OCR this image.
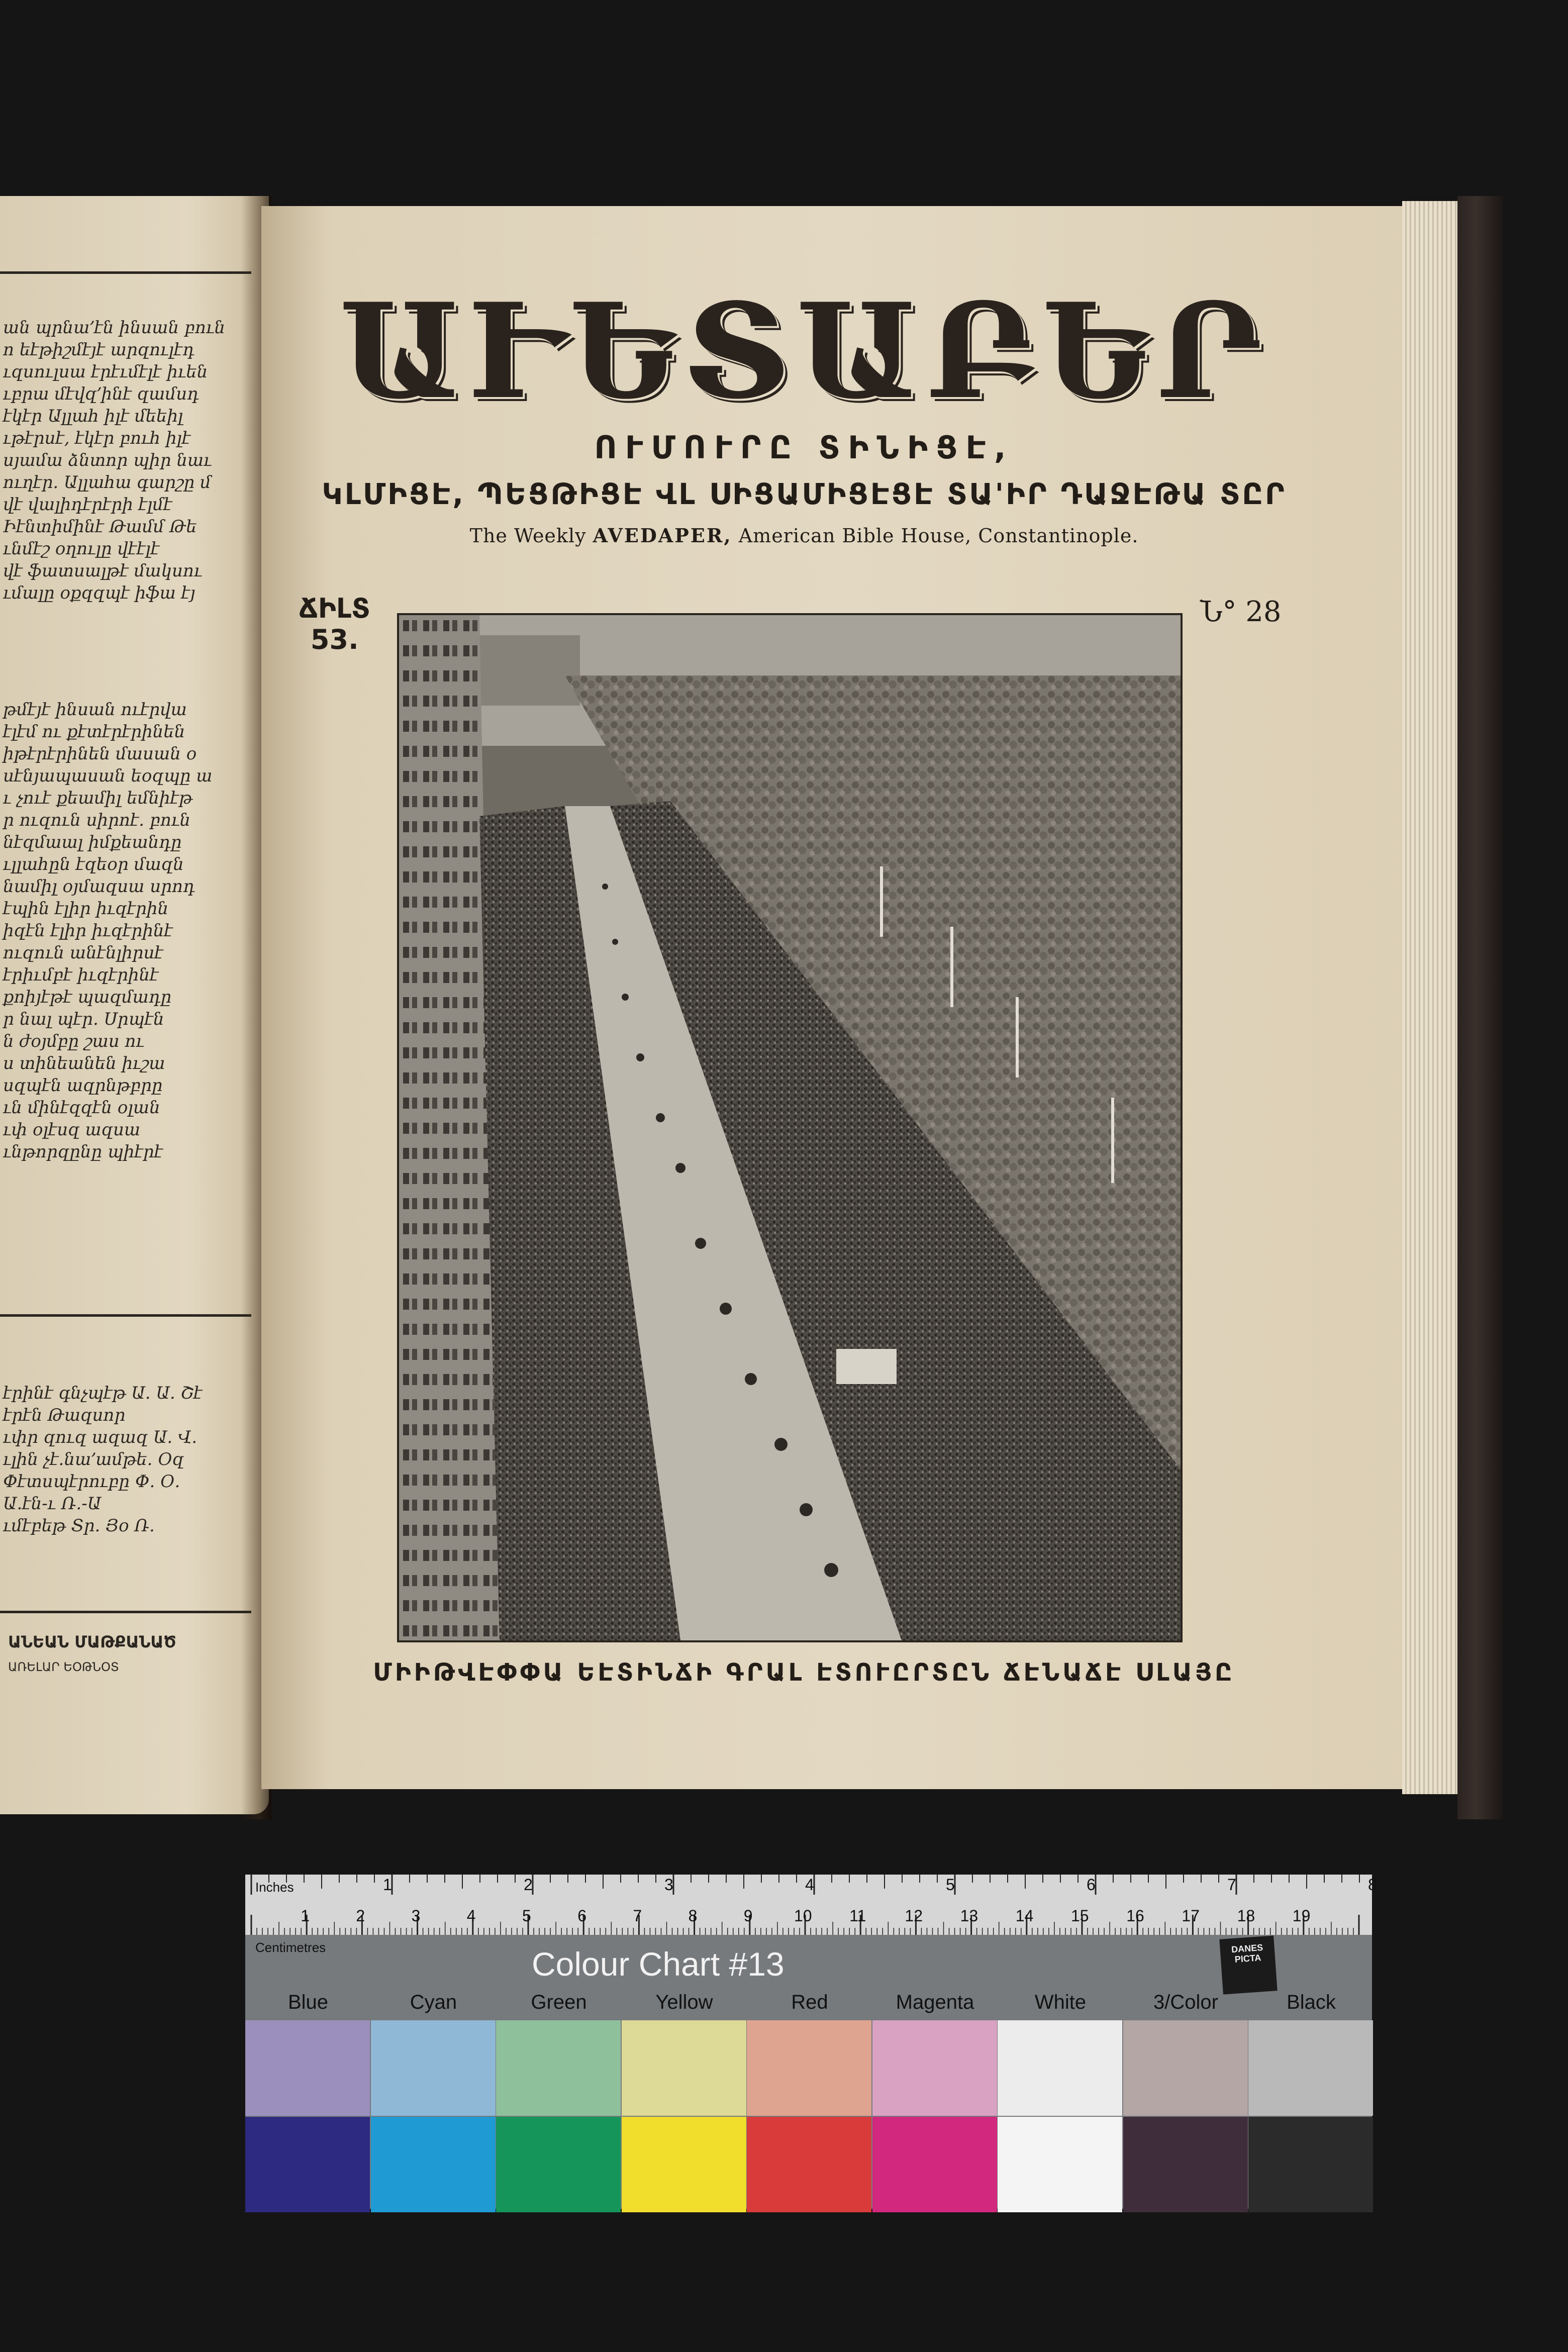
ան պրնա՚էն ինսան բուն
ո եէթիշմէյէ արզուլէդ
ւզսուլսա էրէւմէլէ իւեն
ւբրա մէվզ՚ինէ զամսդ
էկէր Ալլահ իլէ մեեիլ
ւթէրսէ, էկէր բուհ իլէ
սյամա ձնտոր պիր նաւ
ուղէր. Ալլահա գարշը մ
վէ վալիդէրէրի էլմէ
Իէնտիմինէ Թամմ Թե
ւնմէշ օղուլը վէէլէ
վէ ֆատսալթէ մակսու
ւմալը օքզզպէ իֆա էյ
թմէյէ ինսան ուէրվա
էլէմ ու քէտէրէրինեն
իթէրէրինեն մասան օ
սէնյապասան եօզպը ա
ւ չուէ քեամիլ եմնիէթ
ր ուզուն սիրոէ. բուն
նէզմաալ իմքեանդը
ւլլահըն էզեօր մազն
նամիլ օյմազսա սրոդ
էպին էլիր իւզէրին
իզէն էլիր իւզէրինէ
ուզուն անէնլիրսէ
էրիւմբէ իւզէրինէ
քոիյէթէ պազմադը
ր նալ պէր. Սրպէն
ն ժօյմբը շաս ու
ս տինեանեն իւշա
սզպէն ազրնթբրը
ւն մինէզզէն օլան
ւփ օլէսզ ազսա
ւնթորզընը պիէրէ
էրինէ գնչպէթ Ա. Ա. Շէ
էրէն Թազսոր
ւփր զուզ ազազ Ա. Վ.
ւլին չէ.նա՚ամթե. Օզ
Փէտսպէրուբը Փ. Օ.
Ա.էն-ւ Ռ.-Ա
ւմէբեթ Տր. Յօ Ռ.
ԱՆԵԱՆ ՄԱԹՔԱՆԱԾ
ԱՌԵԼԱՐ ԵՕԹՆՕՏ
ԱՒԵՏԱԲԵՐ
ՈՒՄՈՒՐԸ ՏԻՆԻՑԷ,
ԿԼՄԻՑԷ, ՊԵՑԹԻՑԷ ՎԼ ՍԻՑԱՄԻՑԷՑԷ ՏԱ'ԻՐ ԴԱՋԷԹԱ ՏԸՐ
The Weekly AVEDAPER, American Bible House, Constantinople.
ՃԻԼՏ
53.
Ն° 28
ՄԻԻԹՎԷՓՓԱ ԵԷՏԻՆՃԻ ԳՐԱԼ ԷՏՈՒԸՐՏԸՆ ՃԷՆԱՃԷ ՍԼԱՅԸ
Inches
Centimetres
1	2	3	4	5	6	7	8
1	2	3	4	5	6	7	8	9	10 11 12 13 14 15 16 17 18 19
Colour Chart #13	DANES PICTA
Blue	Cyan	Green	Yellow	Red	Magenta	White	3/Color	Black
